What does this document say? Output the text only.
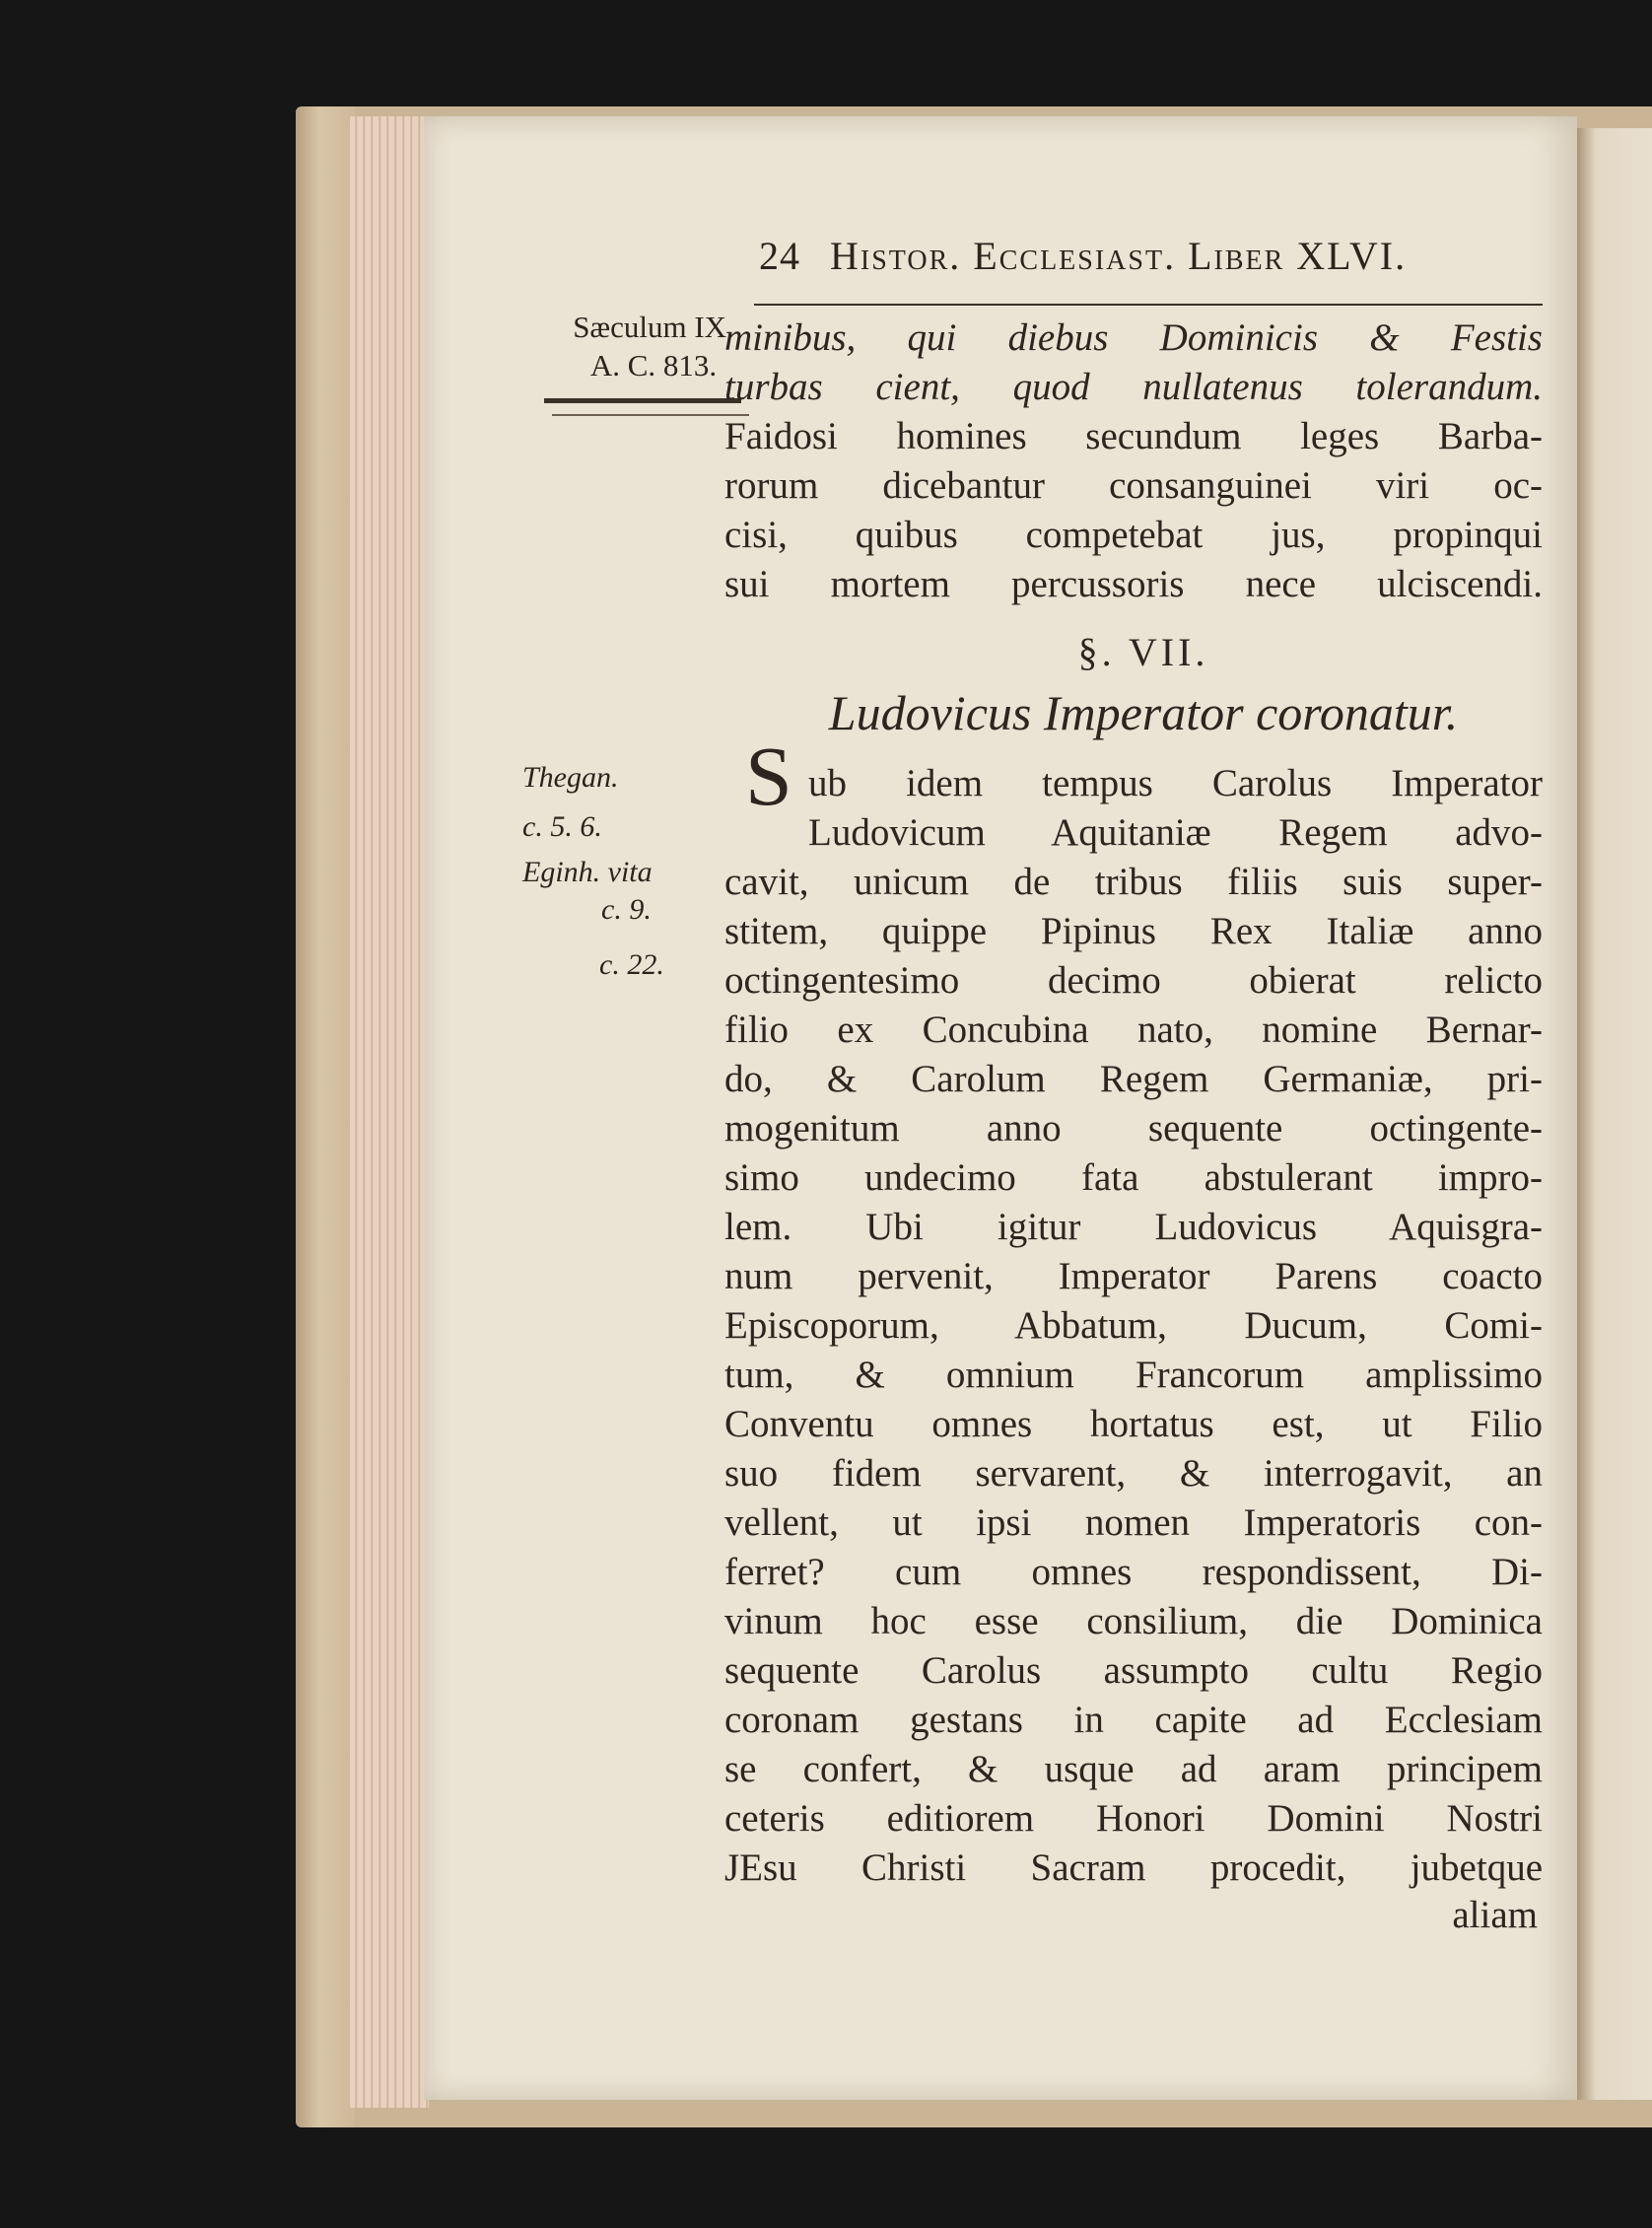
24 Histor. Ecclesiast. Liber XLVI.
Sæculum IX.
A. C. 813.
minibus, qui diebus Dominicis & Festis
turbas cient, quod nullatenus tolerandum.
Faidosi homines secundum leges Barba-
rorum dicebantur consanguinei viri oc-
cisi, quibus competebat jus, propinqui
sui mortem percussoris nece ulciscendi.
§. VII.
Ludovicus Imperator coronatur.
Thegan.
c. 5. 6.
Eginh. vita
c. 9.
c. 22.
S ub idem tempus Carolus Imperator
Ludovicum Aquitaniæ Regem advo-
cavit, unicum de tribus filiis suis super-
stitem, quippe Pipinus Rex Italiæ anno
octingentesimo decimo obierat relicto
filio ex Concubina nato, nomine Bernar-
do, & Carolum Regem Germaniæ, pri-
mogenitum anno sequente octingente-
simo undecimo fata abstulerant impro-
lem. Ubi igitur Ludovicus Aquisgra-
num pervenit, Imperator Parens coacto
Episcoporum, Abbatum, Ducum, Comi-
tum, & omnium Francorum amplissimo
Conventu omnes hortatus est, ut Filio
suo fidem servarent, & interrogavit, an
vellent, ut ipsi nomen Imperatoris con-
ferret? cum omnes respondissent, Di-
vinum hoc esse consilium, die Dominica
sequente Carolus assumpto cultu Regio
coronam gestans in capite ad Ecclesiam
se confert, & usque ad aram principem
ceteris editiorem Honori Domini Nostri
JEsu Christi Sacram procedit, jubetque
aliam
